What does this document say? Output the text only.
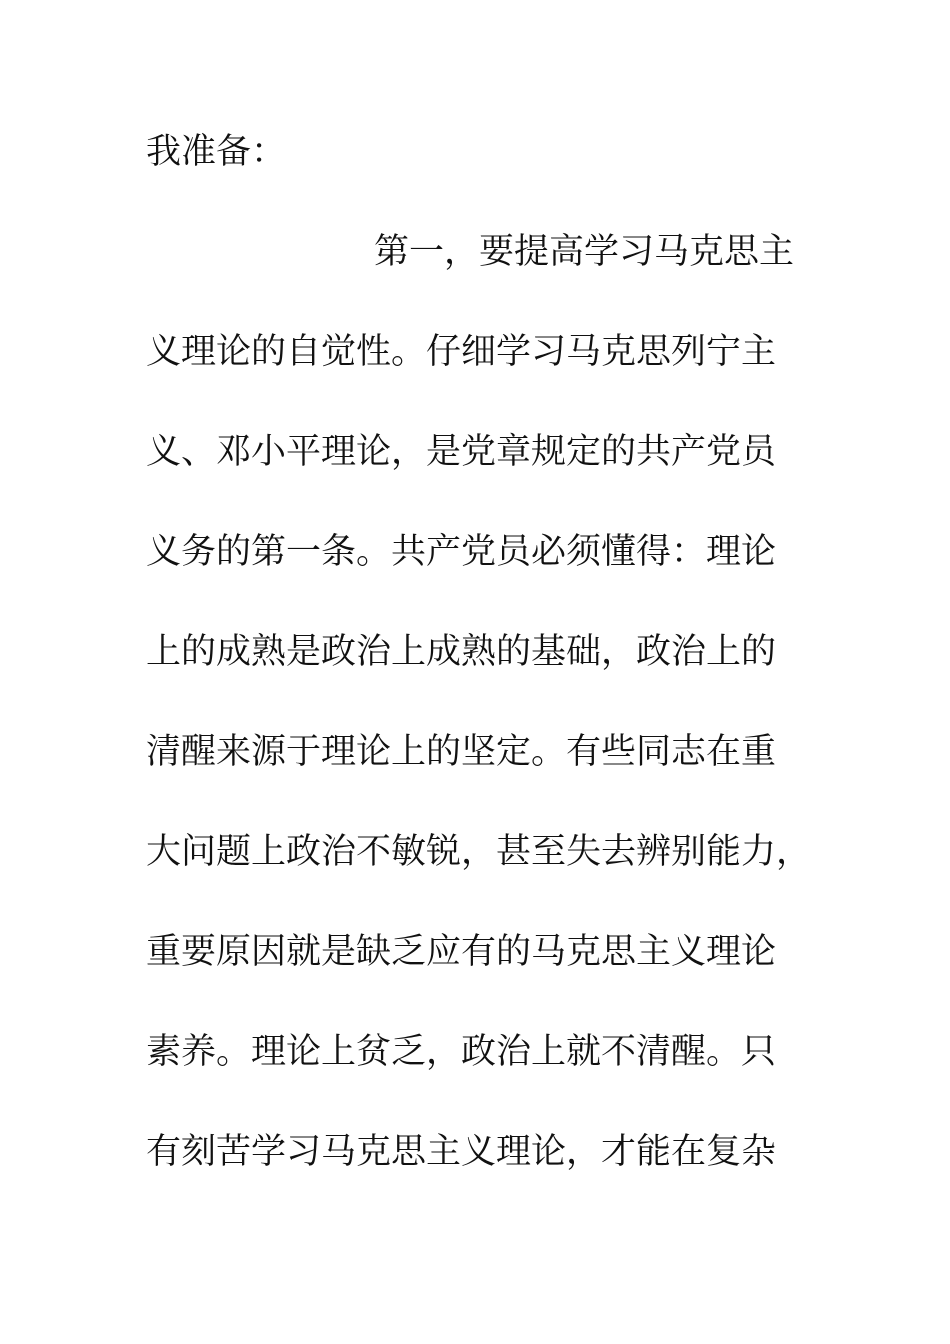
我准备：
第一，要提高学习马克思主
义理论的自觉性。仔细学习马克思列宁主
义、邓小平理论，是党章规定的共产党员
义务的第一条。共产党员必须懂得：理论
上的成熟是政治上成熟的基础，政治上的
清醒来源于理论上的坚定。有些同志在重
大问题上政治不敏锐，甚至失去辨别能力，
重要原因就是缺乏应有的马克思主义理论
素养。理论上贫乏，政治上就不清醒。只
有刻苦学习马克思主义理论，才能在复杂
